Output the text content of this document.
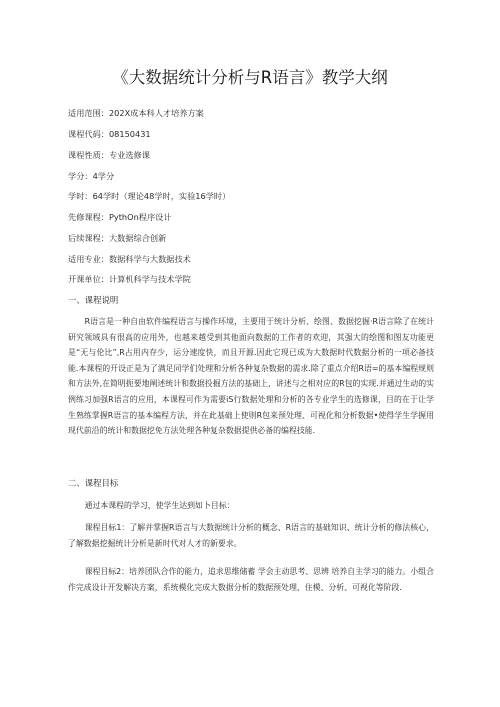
《大数据统计分析与R语言》教学大纲
适用范围：202X成本科人才培养方案
课程代码：08150431
课程性质：专业选修课
学分：4学分
学时：64学时（理论48学时，实验16学时）
先修课程：PythOn程序设计
后续课程：大数据综合创新
适用专业：数据科学与大数据技术
开课单位：计算机科学与技术学院
一、课程说明
R语言是一种自由软件编程语言与操作环境，主要用于统计分析、绘图、数据挖掘·R语言除了在统计研究领域具有很高的应用外，也越来越受到其他面向数据的工作者的欢迎，其强大的绘图和图友功能更是“无与伦比”,R占用内存少，运分速度快，而且开源.因此它现已成为大数据时代数据分析的一项必备技能.本课程的开设正是为了满足同学们处理和分析各种复杂数据的需求.除了重点介绍R语=的基本编程规则和方法外,在简明扼要地阐述统计和数据投掘方法的基础上，讲述与之相对应的R包的实现.并通过生动的实例练习加强R语言的应用，本课程可作为需要iS行数据处理和分析的各专业学生的选修课，目的在于让学生熟练掌握R语言的基本编程方法，并在此基础上使则R包来预处理、可视化和分析数据•使得学生学握用现代前沿的统计和数据挖免方法处理各种复杂数据提供必备的编程技能.
二、课程目标
通过本课程的学习，使学生达到如卜目标：
课程目标1：了解并掌握R语言与大数据统计分析的概念、R语言的基础知识、统计分析的修法核心，了解数据挖掘统计分析是新时代对人才的新要求。
课程目标2：培养团队合作的能力，追求思维储蓄 学会主动思考、思辨 培养自主学习的能力。小组合作完成设计开发解决方案，系统模化完成大数据分析的数据预处理、住模、分析、可视化等阶段.
